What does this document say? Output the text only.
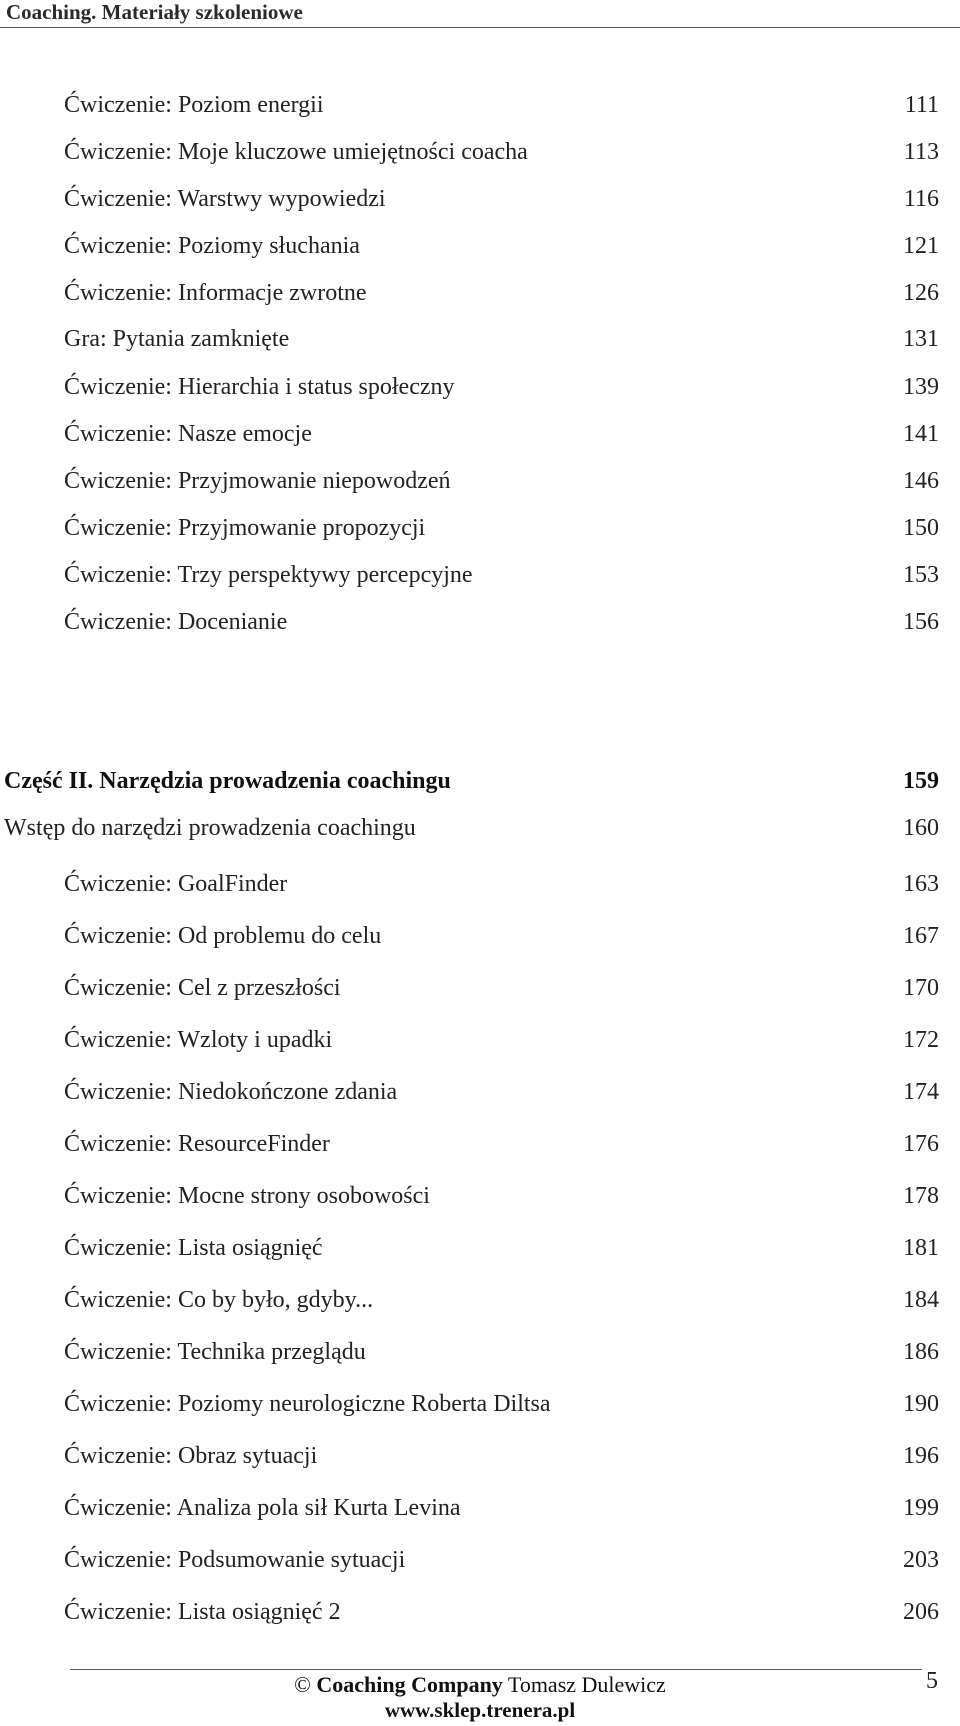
Coaching. Materiały szkoleniowe
Ćwiczenie: Poziom energii	111
Ćwiczenie: Moje kluczowe umiejętności coacha	113
Ćwiczenie: Warstwy wypowiedzi	116
Ćwiczenie: Poziomy słuchania	121
Ćwiczenie: Informacje zwrotne	126
Gra: Pytania zamknięte	131
Ćwiczenie: Hierarchia i status społeczny	139
Ćwiczenie: Nasze emocje	141
Ćwiczenie: Przyjmowanie niepowodzeń	146
Ćwiczenie: Przyjmowanie propozycji	150
Ćwiczenie: Trzy perspektywy percepcyjne	153
Ćwiczenie: Docenianie	156
Część II. Narzędzia prowadzenia coachingu	159
Wstęp do narzędzi prowadzenia coachingu	160
Ćwiczenie: GoalFinder	163
Ćwiczenie: Od problemu do celu	167
Ćwiczenie: Cel z przeszłości	170
Ćwiczenie: Wzloty i upadki	172
Ćwiczenie: Niedokończone zdania	174
Ćwiczenie: ResourceFinder	176
Ćwiczenie: Mocne strony osobowości	178
Ćwiczenie: Lista osiągnięć	181
Ćwiczenie: Co by było, gdyby...	184
Ćwiczenie: Technika przeglądu	186
Ćwiczenie: Poziomy neurologiczne Roberta Diltsa	190
Ćwiczenie: Obraz sytuacji	196
Ćwiczenie: Analiza pola sił Kurta Levina	199
Ćwiczenie: Podsumowanie sytuacji	203
Ćwiczenie: Lista osiągnięć 2	206
© Coaching Company Tomasz Dulewicz
www.sklep.trenera.pl
5
